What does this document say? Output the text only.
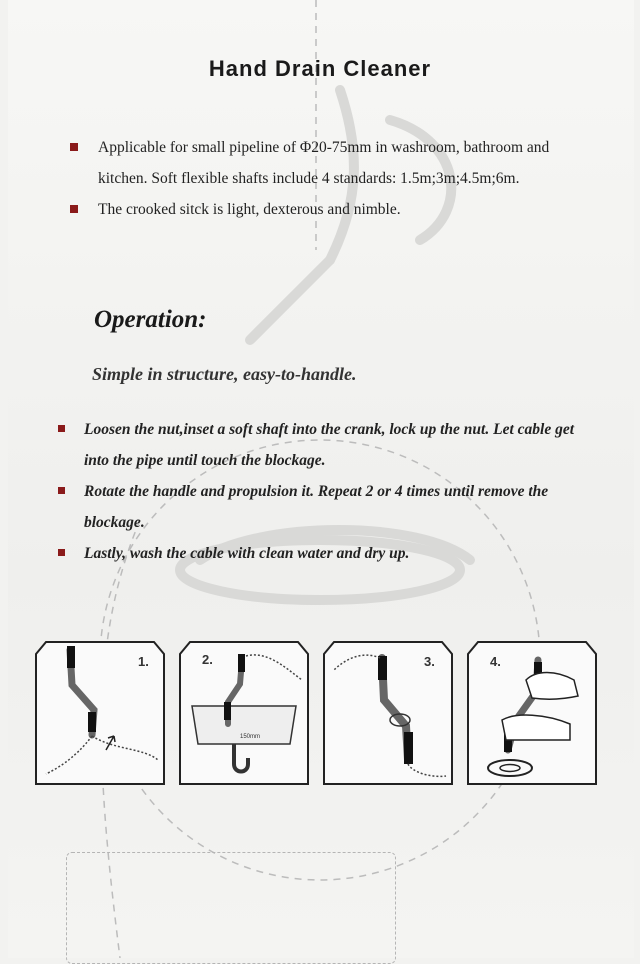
Hand Drain Cleaner
Applicable for small pipeline of Φ20-75mm in washroom, bathroom and kitchen. Soft flexible shafts include 4 standards: 1.5m;3m;4.5m;6m.
The crooked sitck is light, dexterous and nimble.
Operation:
Simple in structure, easy-to-handle.
Loosen the nut,inset a soft shaft into the crank, lock up the nut. Let cable get into the pipe until touch the blockage.
Rotate the handle and propulsion it. Repeat 2 or 4 times until remove the blockage.
Lastly, wash the cable with clean water and dry up.
1.	2.
150mm
3.	4.
